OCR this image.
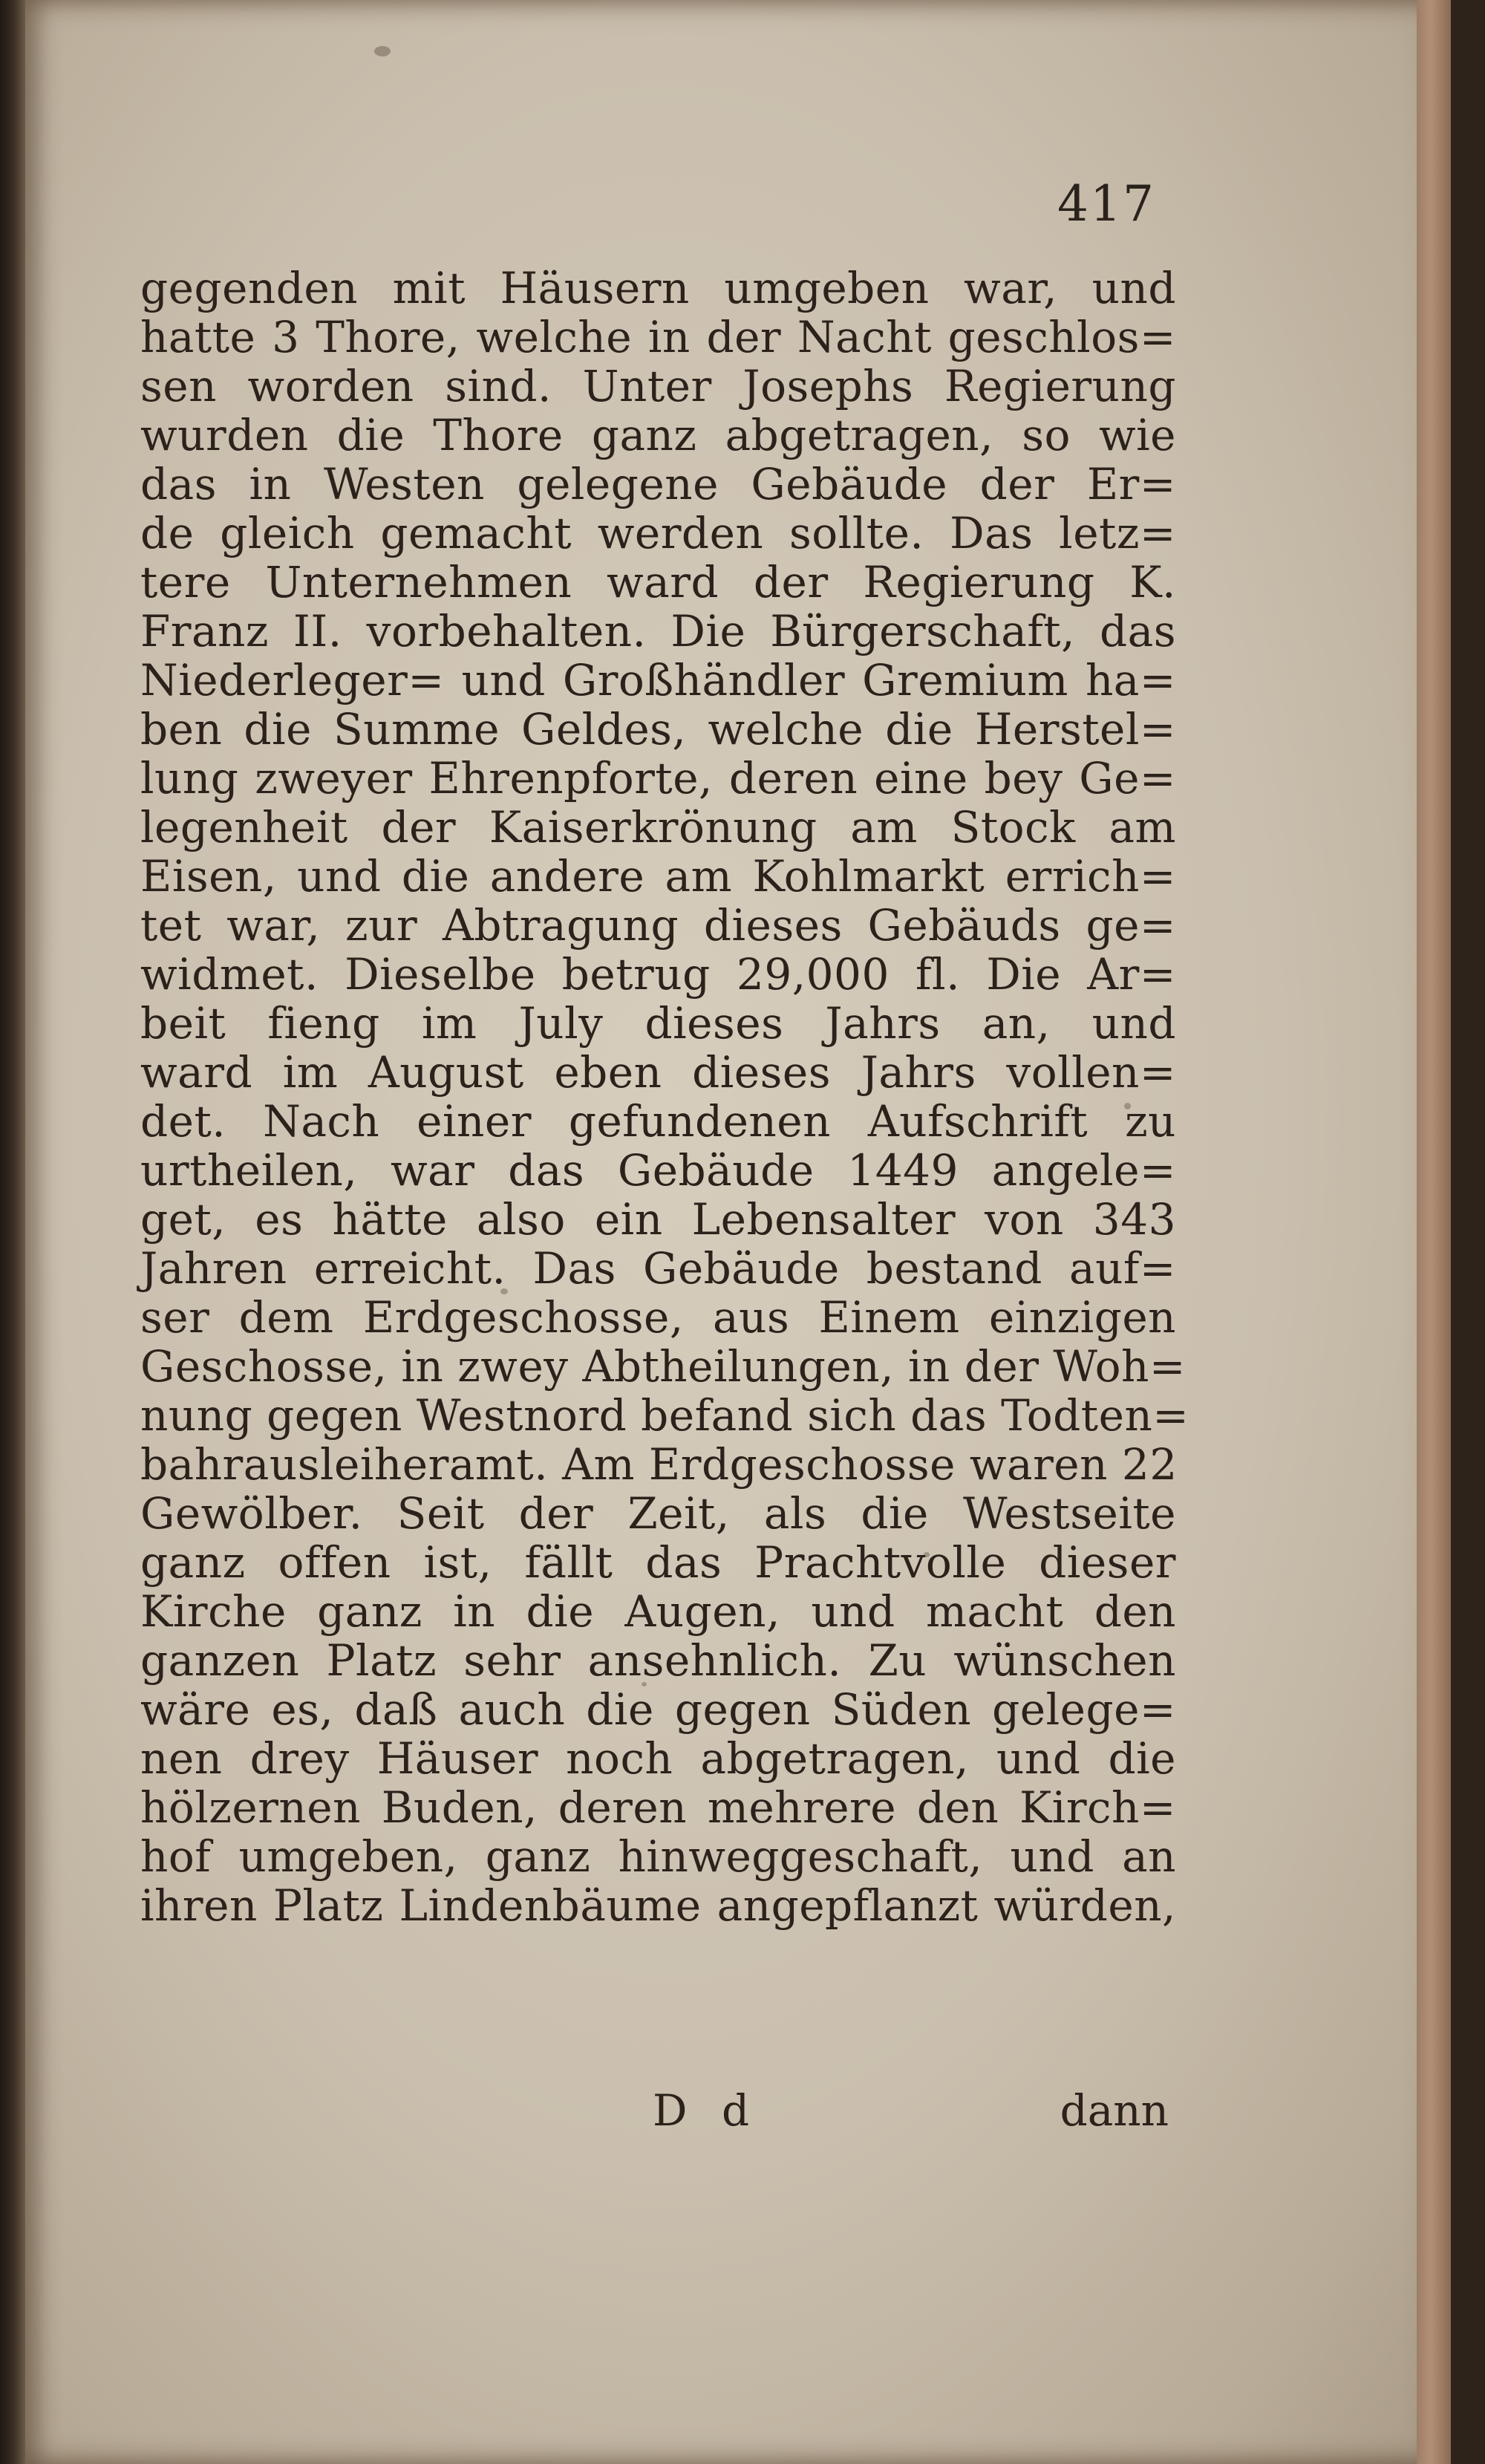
417
gegenden mit Häusern umgeben war, und
hatte 3 Thore, welche in der Nacht geschlos=
sen worden sind. Unter Josephs Regierung
wurden die Thore ganz abgetragen, so wie
das in Westen gelegene Gebäude der Er=
de gleich gemacht werden sollte. Das letz=
tere Unternehmen ward der Regierung K.
Franz II. vorbehalten. Die Bürgerschaft, das
Niederleger= und Großhändler Gremium ha=
ben die Summe Geldes, welche die Herstel=
lung zweyer Ehrenpforte, deren eine bey Ge=
legenheit der Kaiserkrönung am Stock am
Eisen, und die andere am Kohlmarkt errich=
tet war, zur Abtragung dieses Gebäuds ge=
widmet. Dieselbe betrug 29,000 fl. Die Ar=
beit fieng im July dieses Jahrs an, und
ward im August eben dieses Jahrs vollen=
det. Nach einer gefundenen Aufschrift zu
urtheilen, war das Gebäude 1449 angele=
get, es hätte also ein Lebensalter von 343
Jahren erreicht. Das Gebäude bestand auf=
ser dem Erdgeschosse, aus Einem einzigen
Geschosse, in zwey Abtheilungen, in der Woh=
nung gegen Westnord befand sich das Todten=
bahrausleiheramt. Am Erdgeschosse waren 22
Gewölber. Seit der Zeit, als die Westseite
ganz offen ist, fällt das Prachtvolle dieser
Kirche ganz in die Augen, und macht den
ganzen Platz sehr ansehnlich. Zu wünschen
wäre es, daß auch die gegen Süden gelege=
nen drey Häuser noch abgetragen, und die
hölzernen Buden, deren mehrere den Kirch=
hof umgeben, ganz hinweggeschaft, und an
ihren Platz Lindenbäume angepflanzt würden,
D d	dann
